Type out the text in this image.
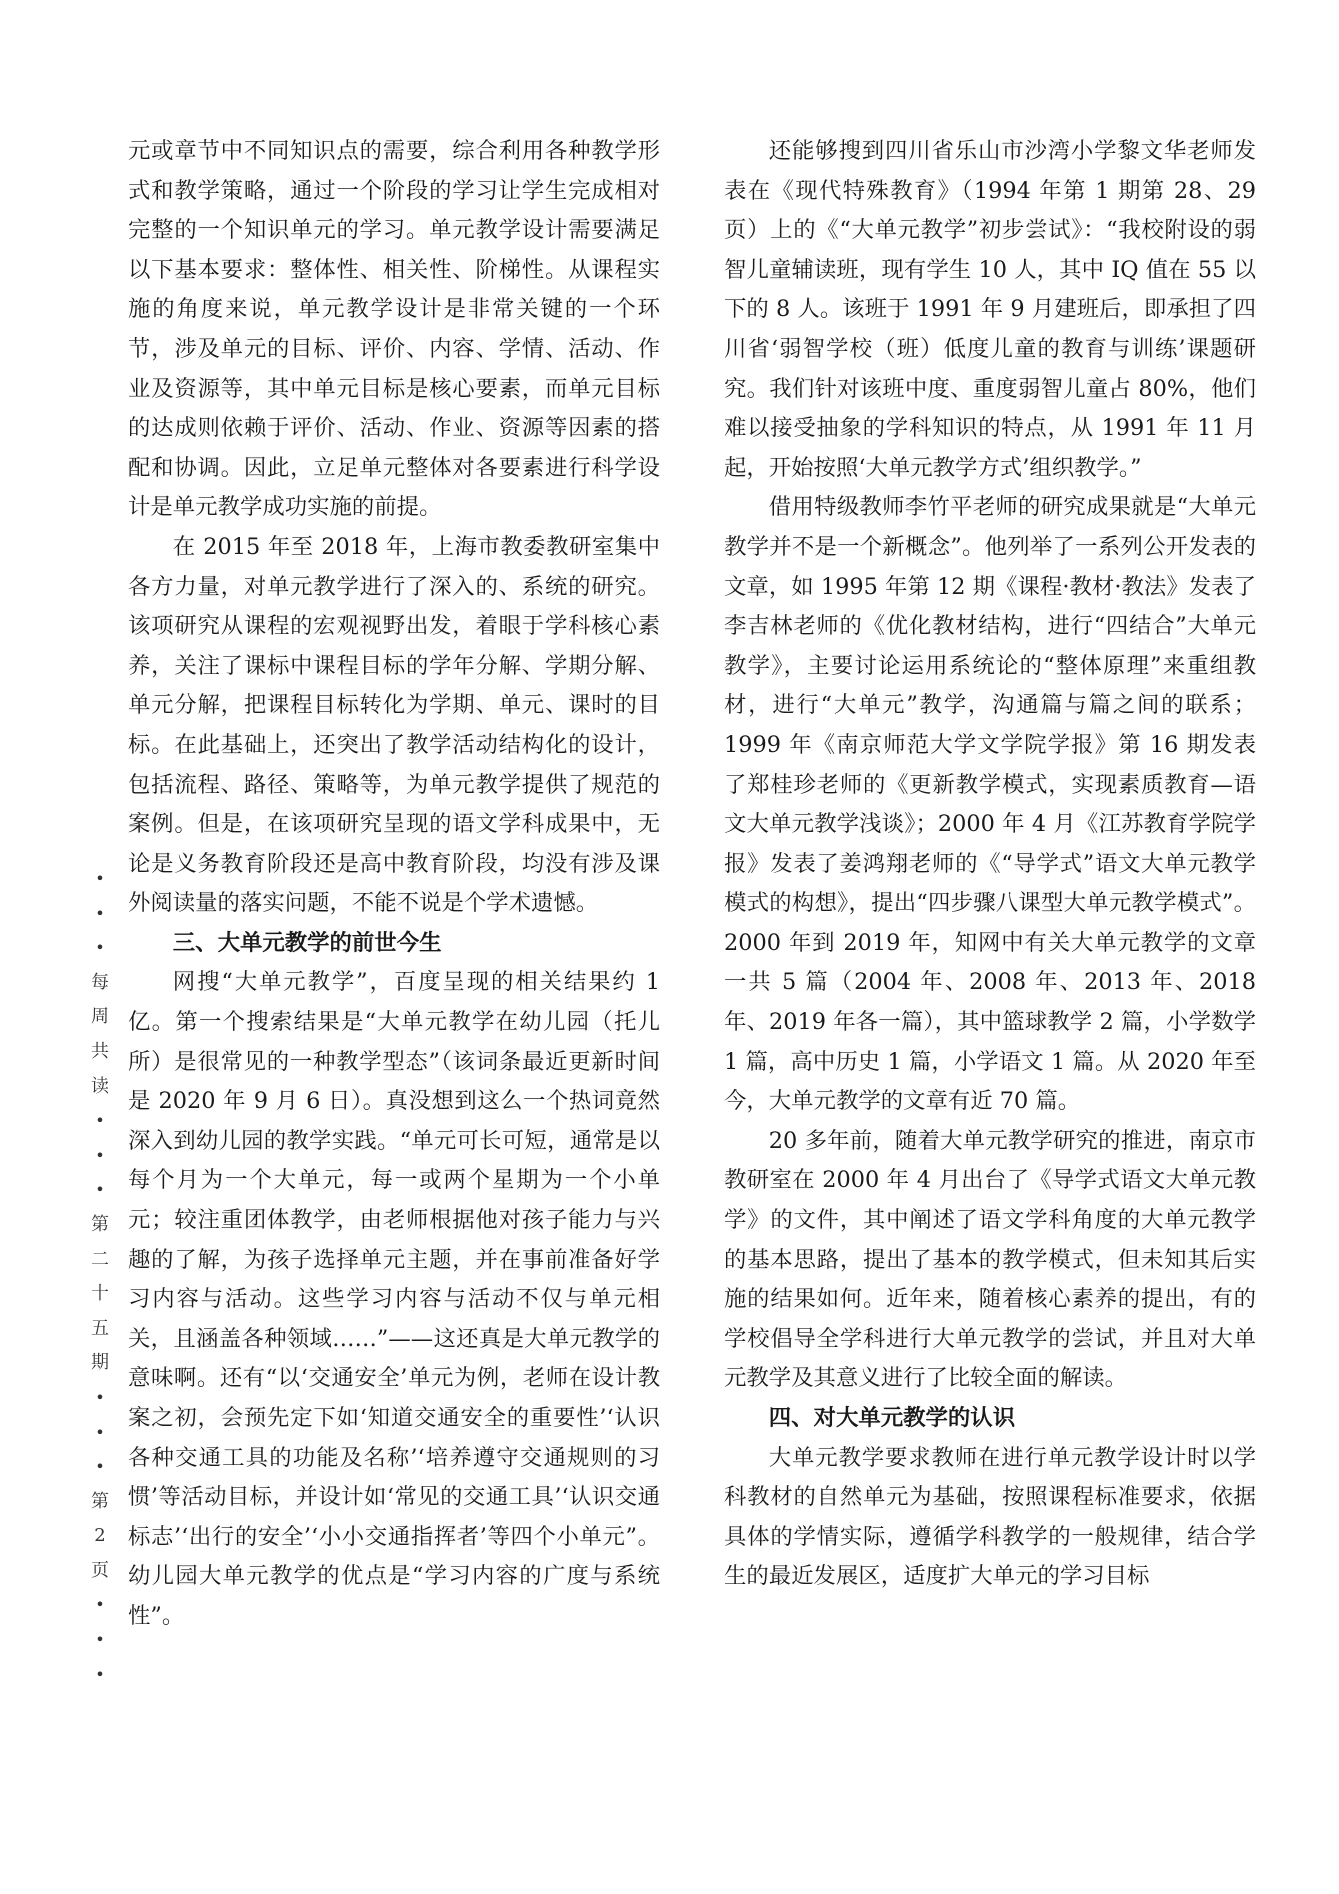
•
•
•
每
周
共
读
•
•
•
第
二
十
五
期
•
•
•
第
2
页
•
•
•

元或章节中不同知识点的需要，综合利用各种教学形式和教学策略，通过一个阶段的学习让学生完成相对完整的一个知识单元的学习。单元教学设计需要满足以下基本要求：整体性、相关性、阶梯性。从课程实施的角度来说，单元教学设计是非常关键的一个环节，涉及单元的目标、评价、内容、学情、活动、作业及资源等，其中单元目标是核心要素，而单元目标的达成则依赖于评价、活动、作业、资源等因素的搭配和协调。因此，立足单元整体对各要素进行科学设计是单元教学成功实施的前提。

在 2015 年至 2018 年，上海市教委教研室集中各方力量，对单元教学进行了深入的、系统的研究。该项研究从课程的宏观视野出发，着眼于学科核心素养，关注了课标中课程目标的学年分解、学期分解、单元分解，把课程目标转化为学期、单元、课时的目标。在此基础上，还突出了教学活动结构化的设计，包括流程、路径、策略等，为单元教学提供了规范的案例。但是，在该项研究呈现的语文学科成果中，无论是义务教育阶段还是高中教育阶段，均没有涉及课外阅读量的落实问题，不能不说是个学术遗憾。

三、大单元教学的前世今生

网搜“大单元教学”，百度呈现的相关结果约 1 亿。第一个搜索结果是“大单元教学在幼儿园（托儿所）是很常见的一种教学型态”（该词条最近更新时间是 2020 年 9 月 6 日）。真没想到这么一个热词竟然深入到幼儿园的教学实践。“单元可长可短，通常是以每个月为一个大单元，每一或两个星期为一个小单元；较注重团体教学，由老师根据他对孩子能力与兴趣的了解，为孩子选择单元主题，并在事前准备好学习内容与活动。这些学习内容与活动不仅与单元相关，且涵盖各种领域……”——这还真是大单元教学的意味啊。还有“以‘交通安全’单元为例，老师在设计教案之初，会预先定下如‘知道交通安全的重要性’‘认识各种交通工具的功能及名称’‘培养遵守交通规则的习惯’等活动目标，并设计如‘常见的交通工具’‘认识交通标志’‘出行的安全’‘小小交通指挥者’等四个小单元”。幼儿园大单元教学的优点是“学习内容的广度与系统性”。

还能够搜到四川省乐山市沙湾小学黎文华老师发表在《现代特殊教育》（1994 年第 1 期第 28、29 页）上的《“大单元教学”初步尝试》：“我校附设的弱智儿童辅读班，现有学生 10 人，其中 IQ 值在 55 以下的 8 人。该班于 1991 年 9 月建班后，即承担了四川省‘弱智学校（班）低度儿童的教育与训练’课题研究。我们针对该班中度、重度弱智儿童占 80%，他们难以接受抽象的学科知识的特点，从 1991 年 11 月起，开始按照‘大单元教学方式’组织教学。”

借用特级教师李竹平老师的研究成果就是“大单元教学并不是一个新概念”。他列举了一系列公开发表的文章，如 1995 年第 12 期《课程·教材·教法》发表了李吉林老师的《优化教材结构，进行“四结合”大单元教学》，主要讨论运用系统论的“整体原理”来重组教材，进行“大单元”教学，沟通篇与篇之间的联系；1999 年《南京师范大学文学院学报》第 16 期发表了郑桂珍老师的《更新教学模式，实现素质教育—语文大单元教学浅谈》；2000 年 4 月《江苏教育学院学报》发表了姜鸿翔老师的《“导学式”语文大单元教学模式的构想》，提出“四步骤八课型大单元教学模式”。2000 年到 2019 年，知网中有关大单元教学的文章一共 5 篇（2004 年、2008 年、2013 年、2018 年、2019 年各一篇），其中篮球教学 2 篇，小学数学 1 篇，高中历史 1 篇，小学语文 1 篇。从 2020 年至今，大单元教学的文章有近 70 篇。

20 多年前，随着大单元教学研究的推进，南京市教研室在 2000 年 4 月出台了《导学式语文大单元教学》的文件，其中阐述了语文学科角度的大单元教学的基本思路，提出了基本的教学模式，但未知其后实施的结果如何。近年来，随着核心素养的提出，有的学校倡导全学科进行大单元教学的尝试，并且对大单元教学及其意义进行了比较全面的解读。

四、对大单元教学的认识

大单元教学要求教师在进行单元教学设计时以学科教材的自然单元为基础，按照课程标准要求，依据具体的学情实际，遵循学科教学的一般规律，结合学生的最近发展区，适度扩大单元的学习目标
